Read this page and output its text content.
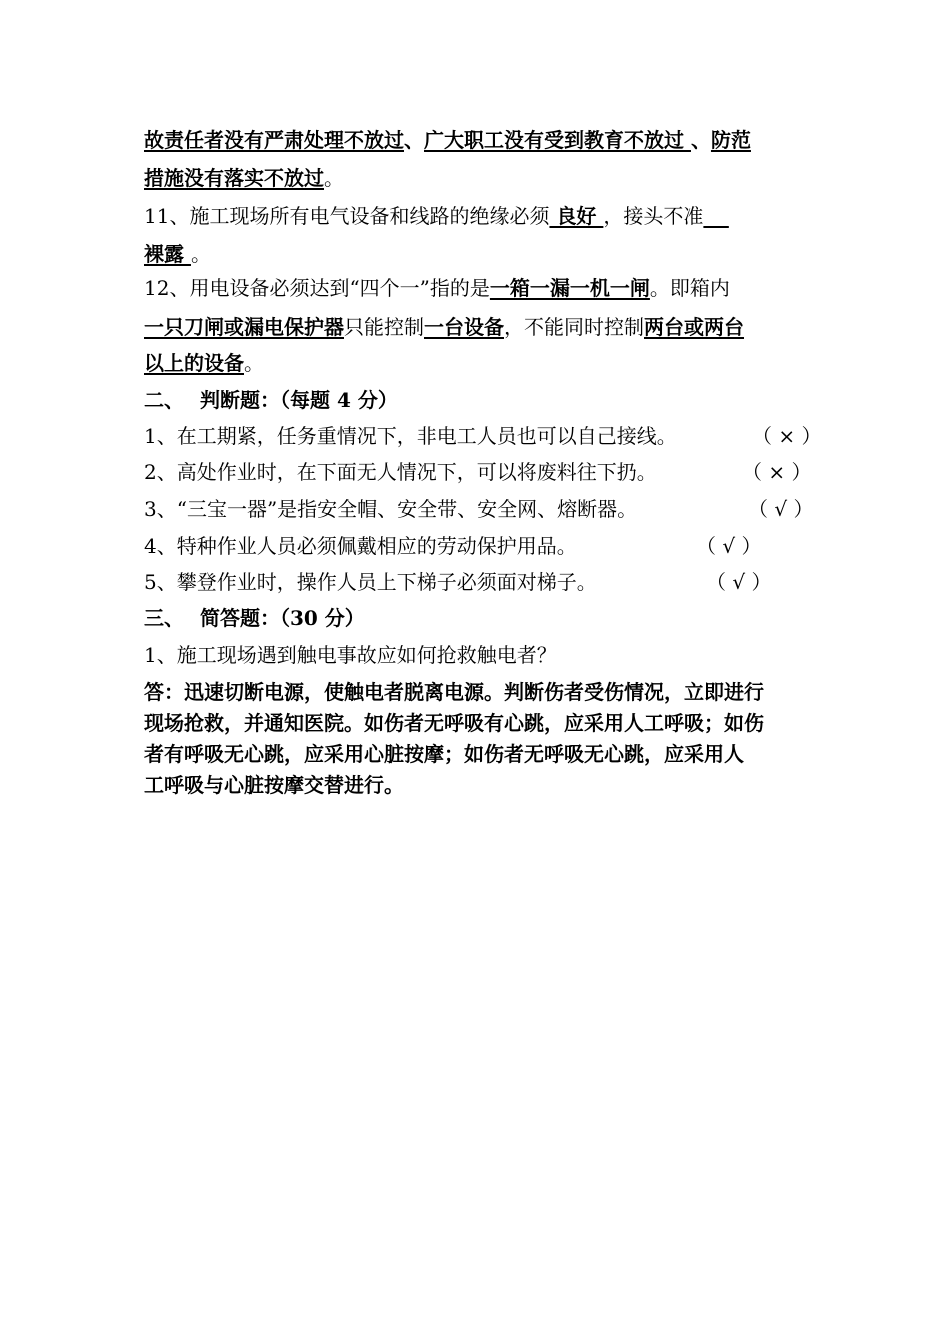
故责任者没有严肃处理不放过、广大职工没有受到教育不放过 、防范
措施没有落实不放过。
11、施工现场所有电气设备和线路的绝缘必须 良好 ，接头不准
裸露 。
12、用电设备必须达到“四个一”指的是一箱一漏一机一闸。即箱内
一只刀闸或漏电保护器只能控制一台设备，不能同时控制两台或两台
以上的设备。
二、 判断题：（每题 4 分）
1、在工期紧，任务重情况下，非电工人员也可以自己接线。	（ × ）
2、高处作业时，在下面无人情况下，可以将废料往下扔。	（ × ）
3、“三宝一器”是指安全帽、安全带、安全网、熔断器。	（ √ ）
4、特种作业人员必须佩戴相应的劳动保护用品。	（ √ ）
5、攀登作业时，操作人员上下梯子必须面对梯子。	（ √ ）
三、 简答题：（30 分）
1、施工现场遇到触电事故应如何抢救触电者？
答：迅速切断电源，使触电者脱离电源。判断伤者受伤情况，立即进行
现场抢救，并通知医院。如伤者无呼吸有心跳，应采用人工呼吸；如伤
者有呼吸无心跳，应采用心脏按摩；如伤者无呼吸无心跳，应采用人
工呼吸与心脏按摩交替进行。
